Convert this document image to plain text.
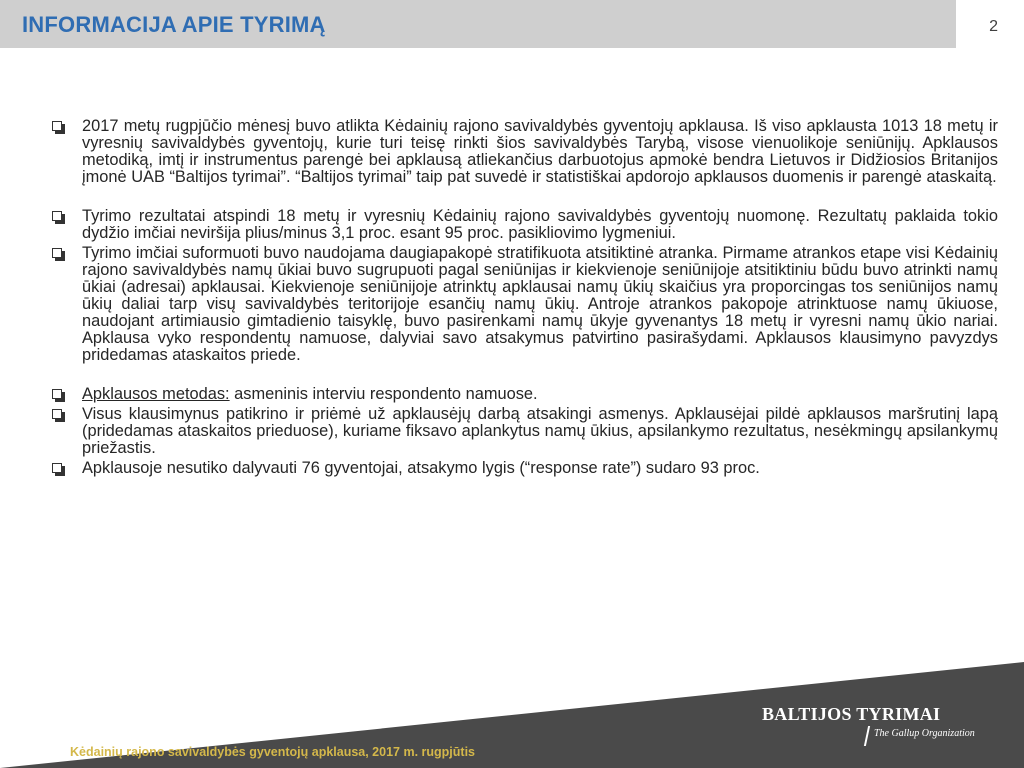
INFORMACIJA APIE TYRIMĄ	2
2017 metų rugpjūčio mėnesį buvo atlikta Kėdainių rajono savivaldybės gyventojų apklausa. Iš viso apklausta 1013 18 metų ir vyresnių savivaldybės gyventojų, kurie turi teisę rinkti šios savivaldybės Tarybą, visose vienuolikoje seniūnijų. Apklausos metodiką, imtį ir instrumentus parengė bei apklausą atliekančius darbuotojus apmokė bendra Lietuvos ir Didžiosios Britanijos įmonė UAB “Baltijos tyrimai”. “Baltijos tyrimai” taip pat suvedė ir statistiškai apdorojo apklausos duomenis ir parengė ataskaitą.
Tyrimo rezultatai atspindi 18 metų ir vyresnių Kėdainių rajono savivaldybės gyventojų nuomonę. Rezultatų paklaida tokio dydžio imčiai neviršija plius/minus 3,1 proc. esant 95 proc. pasikliovimo lygmeniui.
Tyrimo imčiai suformuoti buvo naudojama daugiapakopė stratifikuota atsitiktinė atranka. Pirmame atrankos etape visi Kėdainių rajono savivaldybės namų ūkiai buvo sugrupuoti pagal seniūnijas ir kiekvienoje seniūnijoje atsitiktiniu būdu buvo atrinkti namų ūkiai (adresai) apklausai. Kiekvienoje seniūnijoje atrinktų apklausai namų ūkių skaičius yra proporcingas tos seniūnijos namų ūkių daliai tarp visų savivaldybės teritorijoje esančių namų ūkių. Antroje atrankos pakopoje atrinktuose namų ūkiuose, naudojant artimiausio gimtadienio taisyklę, buvo pasirenkami namų ūkyje gyvenantys 18 metų ir vyresni namų ūkio nariai. Apklausa vyko respondentų namuose, dalyviai savo atsakymus patvirtino pasirašydami. Apklausos klausimyno pavyzdys pridedamas ataskaitos priede.
Apklausos metodas: asmeninis interviu respondento namuose.
Visus klausimynus patikrino ir priėmė už apklausėjų darbą atsakingi asmenys. Apklausėjai pildė apklausos maršrutinį lapą (pridedamas ataskaitos prieduose), kuriame fiksavo aplankytus namų ūkius, apsilankymo rezultatus, nesėkmingų apsilankymų priežastis.
Apklausoje nesutiko dalyvauti 76 gyventojai, atsakymo lygis (“response rate”) sudaro 93 proc.
BALTIJOS TYRIMAI
The Gallup Organization
Kėdainių rajono savivaldybės gyventojų apklausa, 2017 m. rugpjūtis
